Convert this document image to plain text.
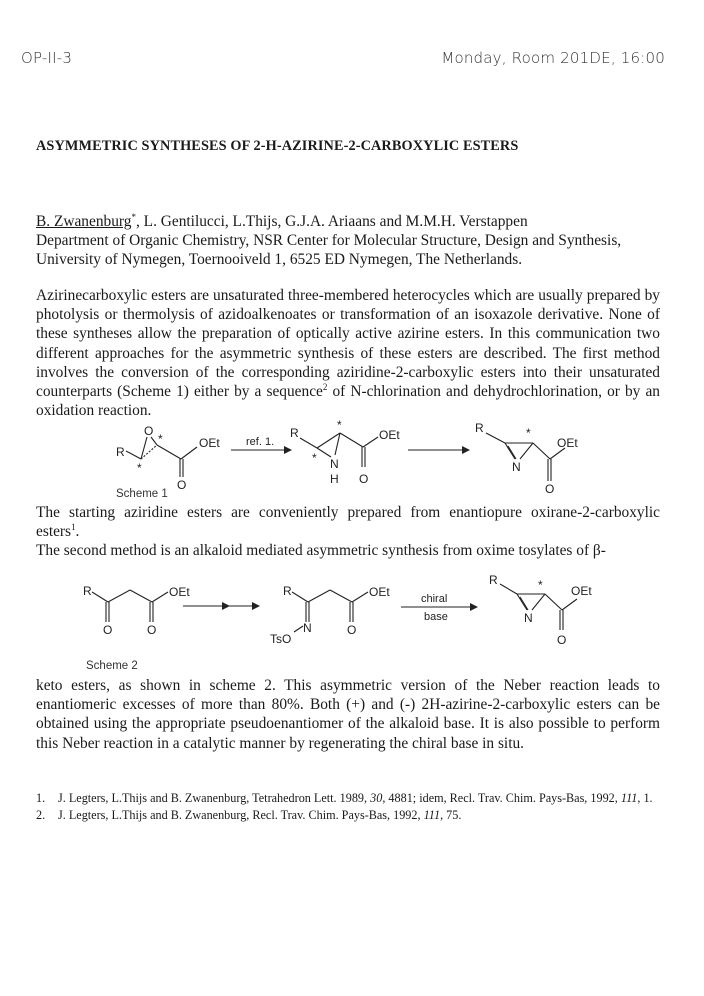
OP-II-3	Monday, Room 201DE, 16:00
ASYMMETRIC SYNTHESES OF 2-H-AZIRINE-2-CARBOXYLIC ESTERS
B. Zwanenburg*, L. Gentilucci, L.Thijs, G.J.A. Ariaans and M.M.H. Verstappen
Department of Organic Chemistry, NSR Center for Molecular Structure, Design and Synthesis, University of Nymegen, Toernooiveld 1, 6525 ED Nymegen, The Netherlands.
Azirinecarboxylic esters are unsaturated three-membered heterocycles which are usually prepared by photolysis or thermolysis of azidoalkenoates or transformation of an isoxazole derivative. None of these syntheses allow the preparation of optically active azirine esters. In this communication two different approaches for the asymmetric synthesis of these esters are described. The first method involves the conversion of the corresponding aziridine-2-carboxylic esters into their unsaturated counterparts (Scheme 1) either by a sequence$^2$ of N-chlorination and dehydrochlorination, or by an oxidation reaction.
R
O
*
*
OEt
O
ref. 1.
R
*
* N
H
OEt
O
R	*
N
OEt
O
Scheme 1
The starting aziridine esters are conveniently prepared from enantiopure oxirane-2-carboxylic esters$^1$.
The second method is an alkaloid mediated asymmetric synthesis from oxime tosylates of β-
R	OEt
O	O
R	OEt
N	O
TsO
chiral
base
R	*
N
OEt
O
Scheme 2
keto esters, as shown in scheme 2. This asymmetric version of the Neber reaction leads to enantiomeric excesses of more than 80%. Both (+) and (-) 2H-azirine-2-carboxylic esters can be obtained using the appropriate pseudoenantiomer of the alkaloid base. It is also possible to perform this Neber reaction in a catalytic manner by regenerating the chiral base in situ.
1. J. Legters, L.Thijs and B. Zwanenburg, Tetrahedron Lett. 1989, 30, 4881; idem, Recl. Trav. Chim. Pays-Bas, 1992, 111, 1.
2. J. Legters, L.Thijs and B. Zwanenburg, Recl. Trav. Chim. Pays-Bas, 1992, 111, 75.
